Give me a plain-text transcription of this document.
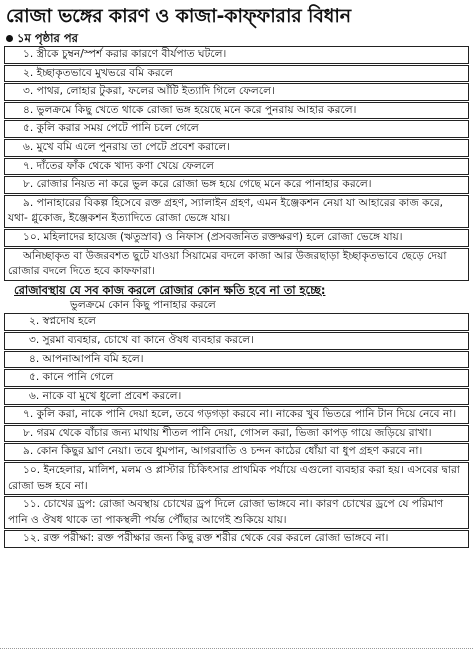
রোজা ভঙ্গের কারণ ও কাজা-কাফ্‌ফারার বিধান
১ম পৃষ্ঠার পর
১. স্ত্রীকে চুম্বন/স্পর্শ করার কারণে বীর্যপাত ঘটলে।
২. ইচ্ছাকৃতভাবে মুখভরে বমি করলে
৩. পাথর, লোহার টুকরা, ফলের আঁটি ইত্যাদি গিলে ফেললে।
৪. ভুলক্রমে কিছু খেতে থাকে রোজা ভঙ্গ হয়েছে মনে করে পুনরায় আহার করলে।
৫. কুলি করার সময় পেটে পানি চলে গেলে
৬. মুখে বমি এলে পুনরায় তা পেটে প্রবেশ করালে।
৭. দাঁতের ফাঁক থেকে খাদ্য কণা খেয়ে ফেললে
৮. রোজার নিয়ত না করে ভুল করে রোজা ভঙ্গ হয়ে গেছে মনে করে পানাহার করলে।
৯. পানাহারের বিকল্প হিসেবে রক্ত গ্রহণ, স্যালাইন গ্রহণ, এমন ইঞ্জেকশন নেয়া যা আহারের কাজ করে, যথা- গ্লুকোজ, ইঞ্জেকশন ইত্যাদিতে রোজা ভেঙ্গে যায়।
১০. মহিলাদের হায়েজ (ঋতুস্রাব) ও নিফাস (প্রসবজনিত রক্তক্ষরণ) হলে রোজা ভেঙ্গে যায়।
অনিচ্ছাকৃত বা উজরবশত ছুটে যাওয়া সিয়ামের বদলে কাজা আর উজরছাড়া ইচ্ছাকৃতভাবে ছেড়ে দেয়া রোজার বদলে দিতে হবে কাফফারা।
রোজাবস্থায় যে সব কাজ করলে রোজার কোন ক্ষতি হবে না তা হচ্ছে:
ভুলক্রমে কোন কিছু পানাহার করলে
২. স্বপ্নদোষ হলে
৩. সুরমা ব্যবহার, চোখে বা কানে ঔষধ ব্যবহার করলে।
৪. আপনাআপনি বমি হলে।
৫. কানে পানি গেলে
৬. নাকে বা মুখে ধুলো প্রবেশ করলে।
৭. কুলি করা, নাকে পানি দেয়া হলে, তবে গড়গড়া করবে না। নাকের খুব ভিতরে পানি টান দিয়ে নেবে না।
৮. গরম থেকে বাঁচার জন্য মাথায় শীতল পানি দেয়া, গোসল করা, ভিজা কাপড় গায়ে জড়িয়ে রাখা।
৯. কোন কিছুর ঘ্রাণ নেয়া। তবে ধুমপান, আগরবাতি ও চন্দন কাঠের ধোঁয়া বা ধুপ গ্রহণ করবে না।
১০. ইনহেলার, মালিশ, মলম ও প্লাস্টার চিকিৎসার প্রাথমিক পর্যায়ে এগুলো ব্যবহার করা হয়। এসবের দ্বারা রোজা ভঙ্গ হবে না।
১১. চোখের ড্রপ: রোজা অবস্থায় চোখের ড্রপ দিলে রোজা ভাঙ্গবে না। কারণ চোখের ড্রপে যে পরিমাণ পানি ও ঔষধ থাকে তা পাকস্থলী পর্যন্ত পৌঁছার আগেই শুকিয়ে যায়।
১২. রক্ত পরীক্ষা: রক্ত পরীক্ষার জন্য কিছু রক্ত শরীর থেকে বের করলে রোজা ভাঙ্গবে না।
